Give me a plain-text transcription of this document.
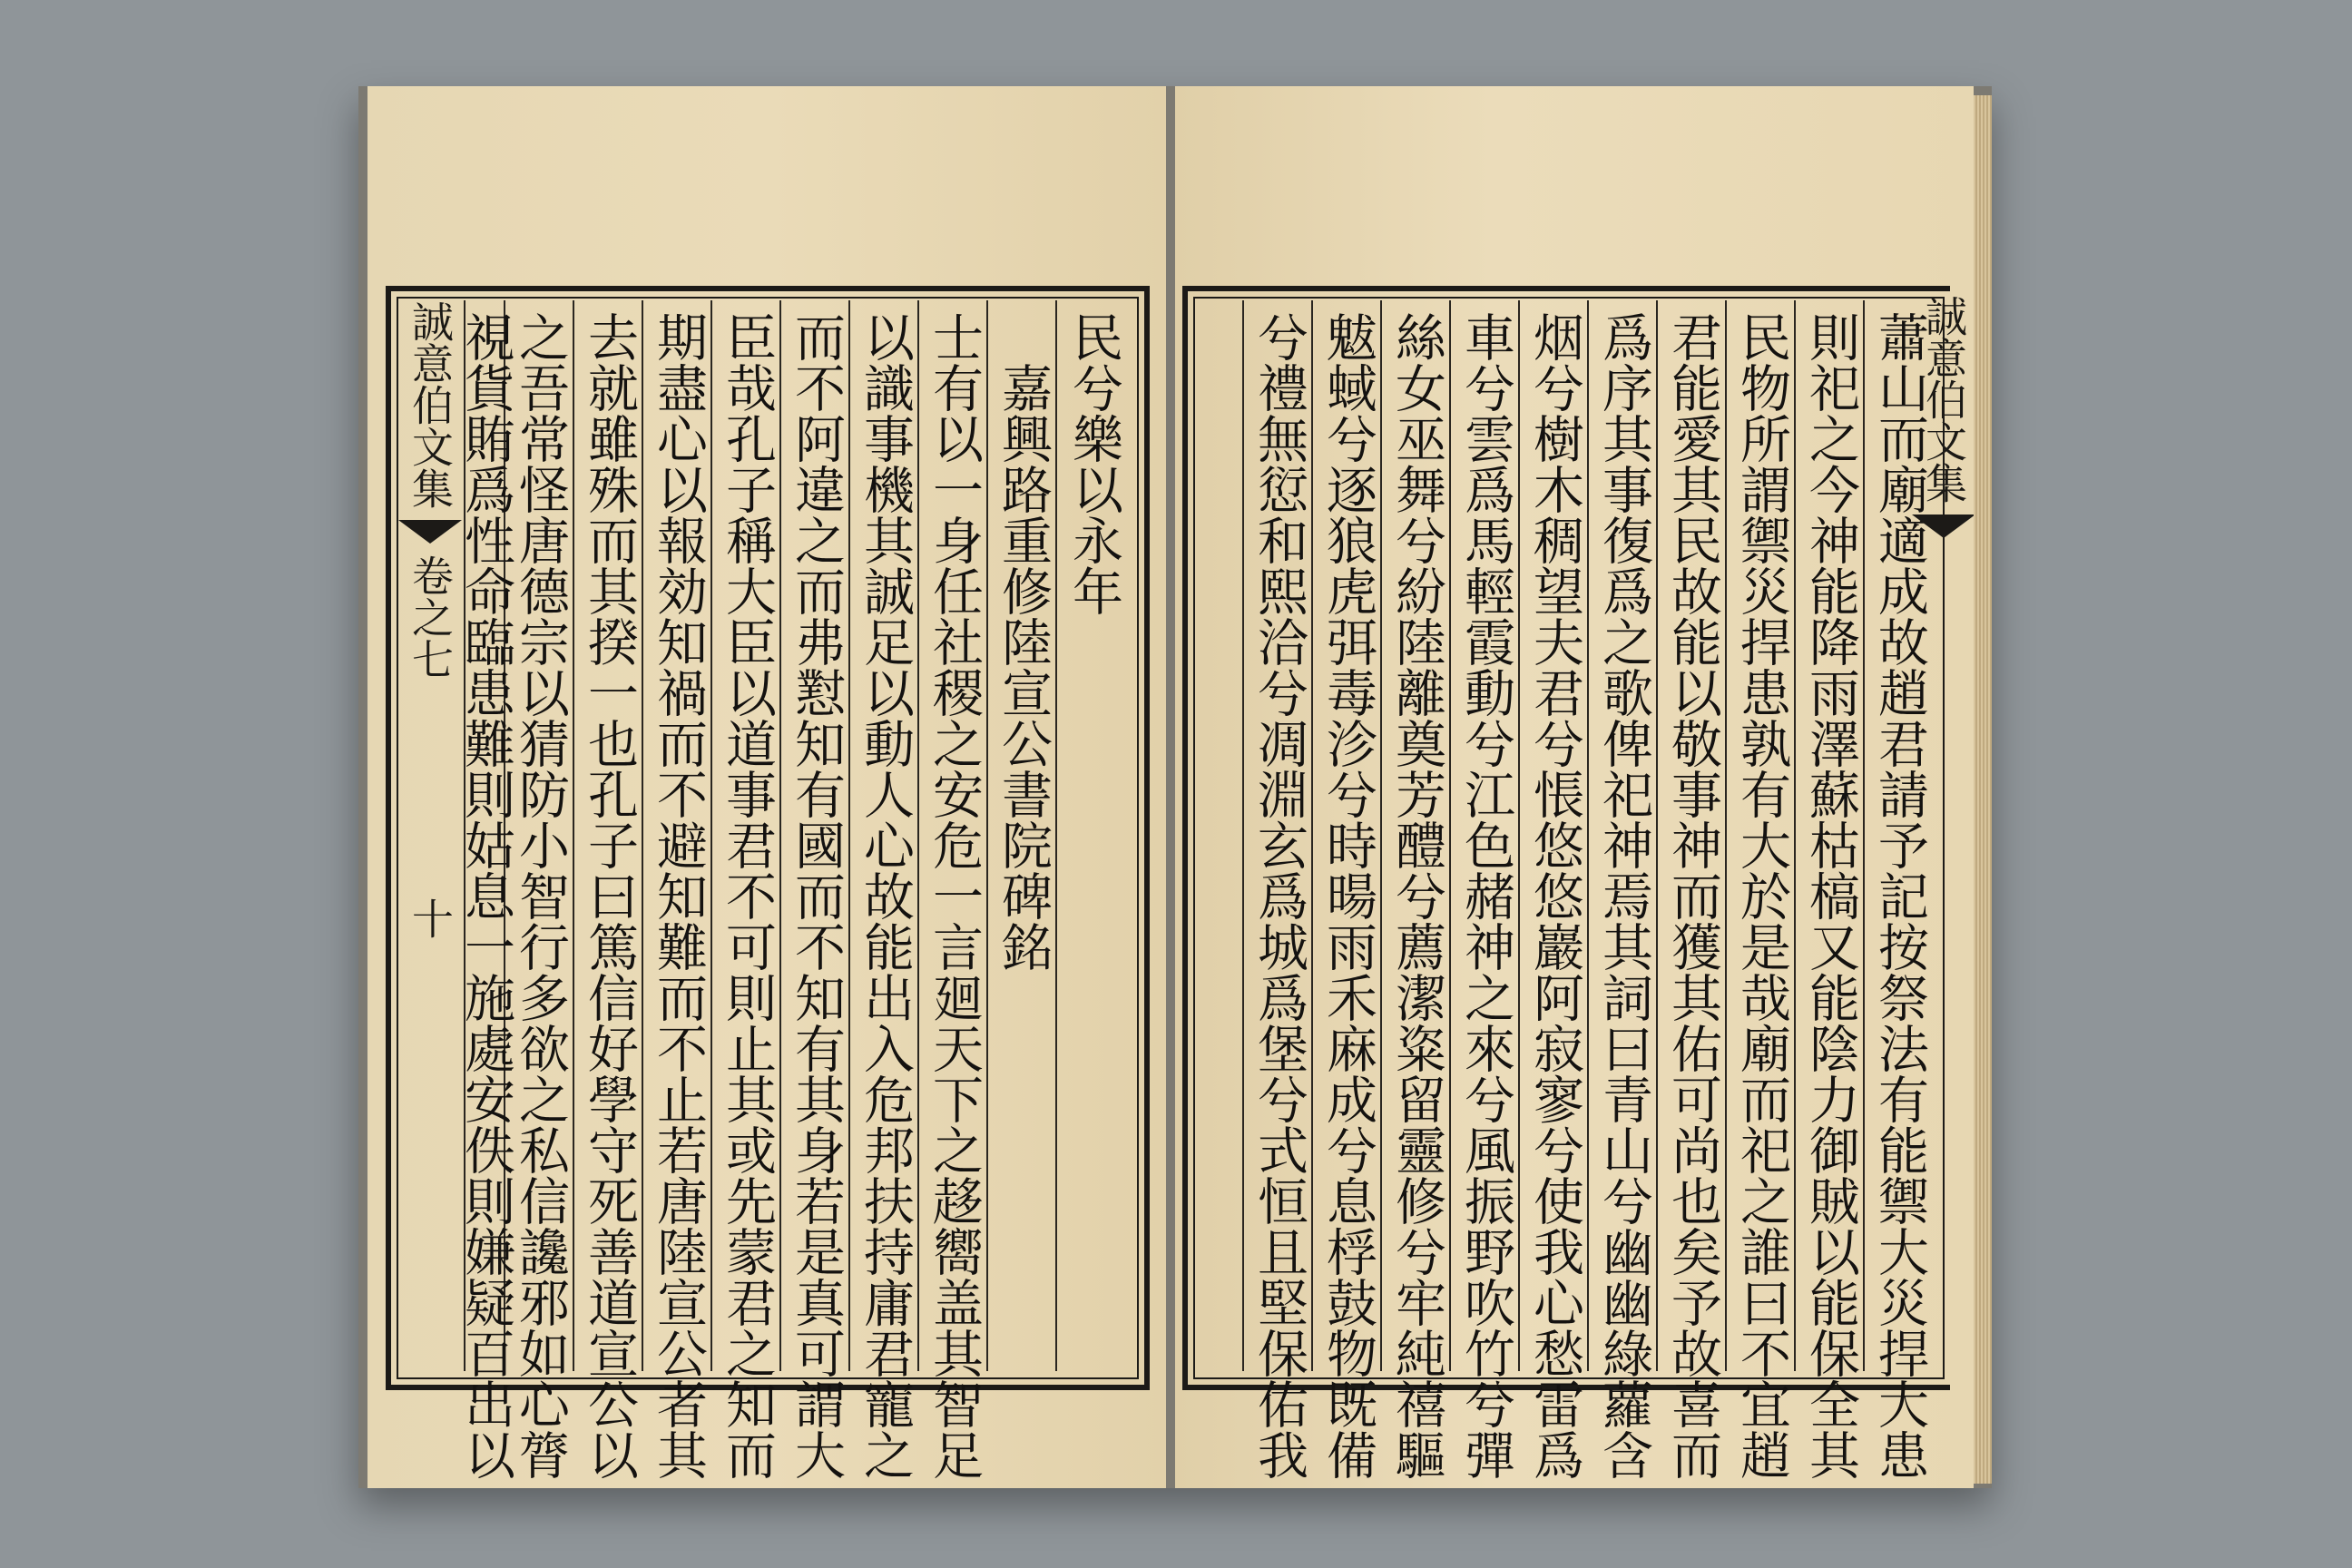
誠意伯文集
卷之七
十
民兮樂以永年
　嘉興路重修陸宣公書院碑銘
士有以一身任社稷之安危一言廻天下之趍嚮盖其智足
以識事機其誠足以動人心故能出入危邦扶持庸君寵之
而不阿違之而弗懟知有國而不知有其身若是真可謂大
臣哉孔子稱大臣以道事君不可則止其或先蒙君之知而
期盡心以報効知禍而不避知難而不止若唐陸宣公者其
去就雖殊而其揆一也孔子曰篤信好學守死善道宣公以
之吾常怪唐德宗以猜防小智行多欲之私信讒邪如心膂
視貨賄爲性命臨患難則姑息一施處安佚則嫌疑百出以	蕭山而廟適成故趙君請予記按祭法有能禦大災捍大患
則祀之今神能降雨澤蘇枯槁又能陰力御賊以能保全其
民物所謂禦災捍患孰有大於是哉廟而祀之誰曰不宜趙
君能愛其民故能以敬事神而獲其佑可尚也矣予故喜而
爲序其事復爲之歌俾祀神焉其詞曰青山兮幽幽綠蘿含
烟兮樹木稠望夫君兮悵悠悠巖阿寂寥兮使我心愁雷爲
車兮雲爲馬輕霞動兮江色赭神之來兮風振野吹竹兮彈
絲女巫舞兮紛陸離奠芳醴兮薦潔粢留靈修兮牢純禧驅
魃蜮兮逐狼虎弭毒沴兮時暘雨禾麻成兮息桴鼓物既備
兮禮無愆和熙洽兮凋淵玄爲城爲堡兮式恒且堅保佑我	誠意伯文集
